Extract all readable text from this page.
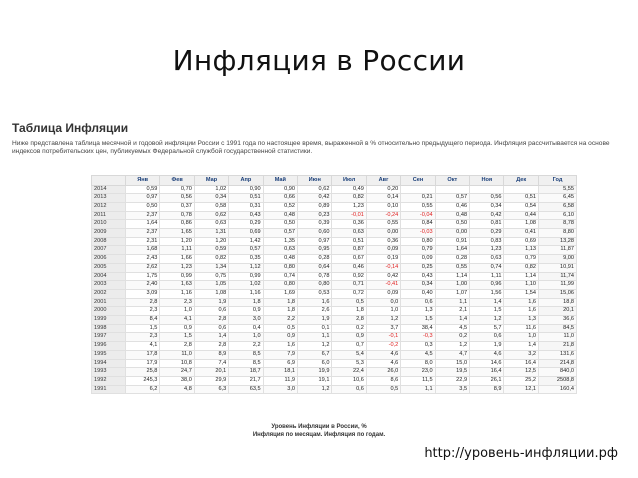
Инфляция в России
Таблица Инфляции
Ниже представлена таблица месячной и годовой инфляции России с 1991 года по настоящее время, выраженной в % относительно предыдущего периода. Инфляция рассчитывается на основе индексов потребительских цен, публикуемых Федеральной службой государственной статистики.
	Янв	Фев	Мар	Апр	Май	Июн	Июл	Авг	Сен	Окт	Ноя	Дек	Год
2014	0,59	0,70	1,02	0,90	0,90	0,62	0,49	0,20					5,55
2013	0,97	0,56	0,34	0,51	0,66	0,42	0,82	0,14	0,21	0,57	0,56	0,51	6,45
2012	0,50	0,37	0,58	0,31	0,52	0,89	1,23	0,10	0,55	0,46	0,34	0,54	6,58
2011	2,37	0,78	0,62	0,43	0,48	0,23	-0,01	-0,24	-0,04	0,48	0,42	0,44	6,10
2010	1,64	0,86	0,63	0,29	0,50	0,39	0,36	0,55	0,84	0,50	0,81	1,08	8,78
2009	2,37	1,65	1,31	0,69	0,57	0,60	0,63	0,00	-0,03	0,00	0,29	0,41	8,80
2008	2,31	1,20	1,20	1,42	1,35	0,97	0,51	0,36	0,80	0,91	0,83	0,69	13,28
2007	1,68	1,11	0,59	0,57	0,63	0,95	0,87	0,09	0,79	1,64	1,23	1,13	11,87
2006	2,43	1,66	0,82	0,35	0,48	0,28	0,67	0,19	0,09	0,28	0,63	0,79	9,00
2005	2,62	1,23	1,34	1,12	0,80	0,64	0,46	-0,14	0,25	0,55	0,74	0,82	10,91
2004	1,75	0,99	0,75	0,99	0,74	0,78	0,92	0,42	0,43	1,14	1,11	1,14	11,74
2003	2,40	1,63	1,05	1,02	0,80	0,80	0,71	-0,41	0,34	1,00	0,96	1,10	11,99
2002	3,09	1,16	1,08	1,16	1,69	0,53	0,72	0,09	0,40	1,07	1,56	1,54	15,06
2001	2,8	2,3	1,9	1,8	1,8	1,6	0,5	0,0	0,6	1,1	1,4	1,6	18,8
2000	2,3	1,0	0,6	0,9	1,8	2,6	1,8	1,0	1,3	2,1	1,5	1,6	20,1
1999	8,4	4,1	2,8	3,0	2,2	1,9	2,8	1,2	1,5	1,4	1,2	1,3	36,6
1998	1,5	0,9	0,6	0,4	0,5	0,1	0,2	3,7	38,4	4,5	5,7	11,6	84,5
1997	2,3	1,5	1,4	1,0	0,9	1,1	0,9	-0,1	-0,3	0,2	0,6	1,0	11,0
1996	4,1	2,8	2,8	2,2	1,6	1,2	0,7	-0,2	0,3	1,2	1,9	1,4	21,8
1995	17,8	11,0	8,9	8,5	7,9	6,7	5,4	4,6	4,5	4,7	4,6	3,2	131,6
1994	17,9	10,8	7,4	8,5	6,9	6,0	5,3	4,6	8,0	15,0	14,6	16,4	214,8
1993	25,8	24,7	20,1	18,7	18,1	19,9	22,4	26,0	23,0	19,5	16,4	12,5	840,0
1992	245,3	38,0	29,9	21,7	11,9	19,1	10,6	8,6	11,5	22,9	26,1	25,2	2508,8
1991	6,2	4,8	6,3	63,5	3,0	1,2	0,6	0,5	1,1	3,5	8,9	12,1	160,4
Уровень Инфляции в России, %
Инфляция по месяцам. Инфляция по годам.
http://уровень-инфляции.рф
